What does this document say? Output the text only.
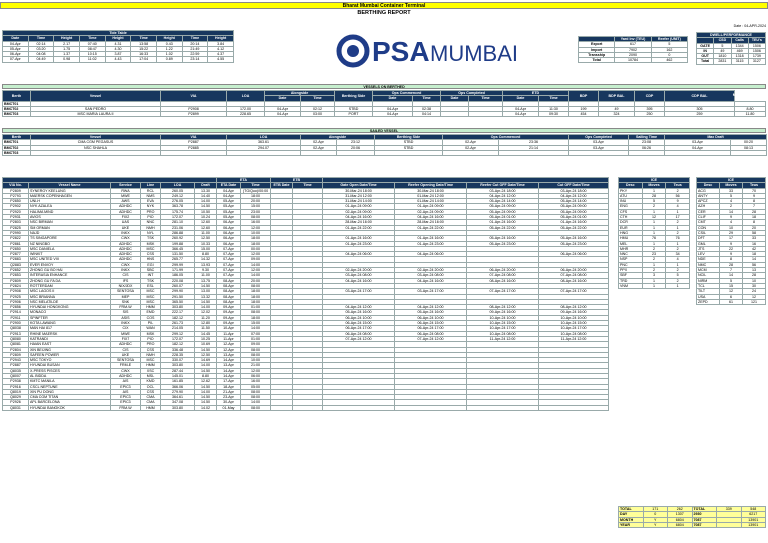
Bharat Mumbai Container Terminal
BERTHING REPORT
Date : 04-APR-2024
Tide Table								
Date	Time	Height	Time	Height	Time	Height	Time	Height
04-Apr	02:14	2.17	07:40	4.31	13:58	0.43	20:14	3.84
05-Apr	03:20	1.75	08:47	4.30	15:22	1.22	21:49	4.12
06-Apr	04:08	1.37	10:15	3.87	16:33	1.02	22:59	4.37
07-Apr	04:49	0.98	11:02	4.43	17:04	0.89	23:14	4.55	PSA MUMBAI
	Yard Inv (TEU)	Reefer (UNIT)
Export	617	5
Import	7902	162
Transship	2090	0
Total	10784	462
DWELL/PERFORMANCE			
	CSD	Calls	TEU's
GATE	5	1344	1506
IN	49	469	1506
OUT	1810	1318	1739
Total	2831	3115	3127
VESSELS ON BERTHED
Berth	Vessel	VIA	LOA	Alongside		Berthing Side	Ops Commenced		Ops Completed		ETD		BDP	BDP BAL	CDP	CDP BAL	
				Date	Time		Date	Time	Date	Time	Date	Time					
BMCT01																	
BMCT02	SAN PEDRO	P2908	172.00	04-Apr	02:12	STBD	04-Apr	02:38			04-Apr	11:30	199	49	395	305	8.80
BMCT03	MSC MARIA LAURA II	P2899	228.65	04-Apr	03:00	PORT	04-Apr	04:14			04-Apr	09:30	454	324	250	259	11.80
Max Draft
SAILED VESSEL
Berth	Vessel	VIA	LOA	Alongside		Berthing Side	Ops Commenced		Ops Completed	Sailing Time	Max Draft	
BMCT01	CMA CGM PEGASUS	P2887	363.61	02-Apr	23:12	STBD	02-Apr	23:36	03-Apr	23:08	03-Apr	00:20
BMCT02	NSC SHAHLA	P2885	294.07	02-Apr	20:06	STBD	02-Apr	21:14	03-Apr	06:26	04-Apr	08:13
BMCT03												
						ETA		ETB					
VIA No.	Vessel Name	Service	Line	LOA	Draft	ETA Date	Time	ETB Date	Time	Gate Open Date/Time	Reefer Opening Date/Time	Reefer Cut OFF Date/Time	Cut OFF Date/Time
P2809	SYNERGY KEELUNG	RWA	RCL	260.05	13.30	04-Apr	(TG/Quo)/00:00			30-Mar-24 18:00	30-Mar-24 18:00	03-Apr-24 18:00	03-Apr-24 18:00
P2793	MAERSK COPENHAGEN	MWE	NMS	249.12	14.40	04-Apr	18:00			31-Mar-24 12:00	01-Mar-24 12:00	04-Apr-24 12:00	04-Apr-24 12:00
P2850	UNI-H	AWS	EVA	276.05	14.00	05-Apr	20:00			31-Mar-24 14:00	01-Mar-24 14:00	05-Apr-24 14:00	05-Apr-24 14:00
P2902	NYK AZALEA	ADHDC	NYK	363.78	14.50	05-Apr	15:00			01-Apr-24 09:00	01-Apr-24 09:00	05-Apr-24 09:00	05-Apr-24 09:00
P2920	HALIMA MIND	ADHDC	PRO	175.74	10.50	05-Apr	23:00			02-Apr-24 09:00	02-Apr-24 09:00	05-Apr-24 09:00	05-Apr-24 09:00
P2931	AVIOS	FIX2	PIO	172.07	10.24	05-Apr	08:00			04-Apr-24 16:00	04-Apr-24 16:00	05-Apr-24 01:00	05-Apr-24 01:00
P2803	NSC BIRMAN	UAS	NNC	281.10	12.60	06-Apr	16:00			28-Mar-24 16:00	28-Mar-24 16:00	01-Apr-24 16:00	01-Apr-24 16:00
P2825	SM ORMAN	UKE	NMH	231.06	12.60	06-Apr	12:00			01-Apr-24 22:00	01-Apr-24 22:00	05-Apr-24 22:00	05-Apr-24 22:00
P2990	NAJD	INKX	NYL	286.88	11.00	06-Apr	10:00						
P2822	TS SINGAPORE	CWX	TSK	260.92	12.50	06-Apr	18:00			01-Apr-24 16:00	01-Apr-24 16:00	05-Apr-24 16:00	05-Apr-24 16:00
P2861	NZ NINGBO	ADHDC	MSK	199.88	10.33	06-Apr	18:00			01-Apr-24 23:00	01-Apr-24 23:00	05-Apr-24 23:00	05-Apr-24 23:00
P2850	MSC DANIELA	ADHDC	MSC	366.45	15.00	07-Apr	00:00						
P2877	WINKIT	ADHDC	CSS	131.50	8.80	07-Apr	12:00			04-Apr-24 06:00	04-Apr-24 06:00		06-Apr-24 06:00
P2883	MSC UNITED VIII	ADHDC	HNS	265.77	14.32	07-Apr	09:00						
Q2883	EVER ENVOY	CWX	EGI	299.99	13.93	07-Apr	14:00						
P2852	ZHONG GU BO HAI	INKX	SBC	171.99	9.30	07-Apr	12:00			02-Apr-24 20:00	02-Apr-24 20:00	06-Apr-24 20:00	06-Apr-24 20:00
P2853	INTERASIA ENHANCE	CIS	INT	186.05	11.00	07-Apr	14:00			03-Apr-24 08:00	03-Apr-24 08:00	07-Apr-24 08:00	07-Apr-24 08:00
P2809	ZHONG GU FA DA	IFS	TSK	220.08	13.75	08-Apr	20:00			04-Apr-24 16:00	04-Apr-24 16:00	08-Apr-24 16:00	08-Apr-24 16:00
P2824	ROTTERDAM	NIX/JDX	ESL	260.07	14.50	08-Apr	08:00						
P2908	MSC LAGOS II	SENTOSA	MSC	299.90	13.00	08-Apr	18:00			03-Apr-24 17:00	03-Apr-24 17:00	07-Apr-24 17:00	07-Apr-24 17:00
P2925	MSC BRIANNA	MEP	MSC	291.50	13.32	08-Apr	18:00						
P2906	NSC MELATILDE	SNK	MSC	365.50	14.50	08-Apr	18:00						
P2856	HYUNDAI HONGKONG	FRM-W	HMM	303.80	14.00	09-Apr	01:00			04-Apr-24 12:00	04-Apr-24 12:00	08-Apr-24 12:00	08-Apr-24 12:00
P2914	MONACO	SIS	EMD	222.17	12.02	09-Apr	08:00			05-Apr-24 16:00	05-Apr-24 16:00	09-Apr-24 16:00	09-Apr-24 16:00
P2911	SPINFTER	ASIS	COS	182.12	11.20	09-Apr	18:00			06-Apr-24 10:00	06-Apr-24 10:00	10-Apr-24 10:00	10-Apr-24 10:00
P2900	KOTA LAWANG	INKX	PIL	261.73	12.80	09-Apr	15:00			06-Apr-24 15:00	06-Apr-24 15:00	10-Apr-24 15:00	10-Apr-24 15:00
Q8038	MAN HAI 817	CIX	WAN	214.05	11.50	10-Apr	14:00			06-Apr-24 17:00	06-Apr-24 17:00	10-Apr-24 17:00	10-Apr-24 17:00
P2913	RHINE MAERSK	MWE	MSK	299.12	14.45	11-Apr	07:00			06-Apr-24 08:00	06-Apr-24 08:00	10-Apr-24 08:00	10-Apr-24 08:00
Q8080	KATRANDI	FIX7	PIO	172.07	10.25	11-Apr	01:00			07-Apr-24 12:00	07-Apr-24 12:00	11-Apr-24 12:00	11-Apr-24 12:00
Q8081	HAIAN EAST	ADHDC	PRO	182.12	10.69	12-Apr	09:00						
P2804	XIN BEIJING	CIS	CSS	336.48	14.50	12-Apr	08:00						
P2809	SAFEEN POWER	UKE	NMH	228.35	12.50	13-Apr	08:00						
P2943	MSC TOKYO	SENTOSA	MSC	330.07	14.69	14-Apr	10:00						
P2887	HYUNDAI BUSAN	FRM-E	HMM	303.80	14.00	13-Apr	21:00						
Q8035	X-PRESS PISCES	CWX	XSC	287.44	14.50	14-Apr	12:00						
Q8007	AL BIDDA	ADHDC	MSL	145.01	8.80	14-Apr	06:00						
P2938	KMTC MANILA	AIS	KMD	161.85	12.62	17-Apr	16:00						
P2916	CSCL NEPTUNE	EPIC3	OCL	366.06	14.50	18-Apr	05:00						
Q8019	XIN PU DONG	AIS	CSS	279.90	14.00	21-Apr	08:00						
Q8029	CMA CGM TITAN	EPIC3	CMA	364.61	14.50	23-Apr	08:00						
P2926	APL BARCELONA	EPIC3	CMA	347.08	14.50	30-Apr	14:00						
Q8031	HYUNDAI BANGKOK	FRM-W	HMM	303.80	14.02	01-May	08:00						
ICE		
Desc	Moves	Teus
PKY	1	2
ATU	28	56
INU	5	9
ENG	2	4
CFS	1	1
CTH	12	17
DCR	1	2
EUR	1	1
HNG	1	2
HMU	76	76
MEL	1	1
MHR	2	2
NNC	23	34
NSP	2	4
PNC	1	1
PPX	2	2
SBF	3	5
TRD	1	2
VNM	1	1
ICE		
Desc	Moves	Teus
ACG	33	70
ANTY	5	9
APCZ	4	8
AZH	2	7
CER	14	28
CLIF	9	18
CMT	4	8
CON	10	20
CSIL	29	58
DFT	17	33
GML	9	16
JTS	22	42
LEV	9	18
NDE	8	14
NMC	28	56
MCM	7	13
NCIL	14	28
NIRM	5	10
TCL	15	30
TILT	12	24
USA	6	12
ZEPD	61	121
TOTAL	171	262	TOTAL	339	548
DAY	0	1307	2930		6217
MONTH	Y	6804	7087		13901
YEAR	Y	6804	7087		13901
